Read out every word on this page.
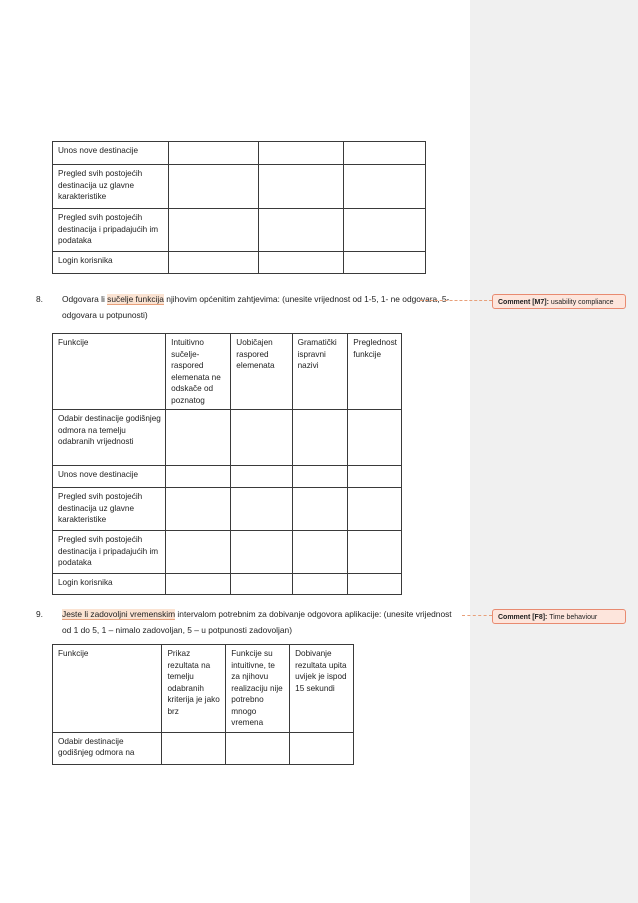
Unos nove destinacije			
Pregled svih postojećih destinacija uz glavne karakteristike			
Pregled svih postojećih destinacija i pripadajućih im podataka			
Login korisnika			
8.	Odgovara li sučelje funkcija njihovim općenitim zahtjevima: (unesite vrijednost od 1-5, 1- ne odgovara, 5- odgovara u potpunosti)
Funkcije	Intuitivno sučelje- raspored elemenata ne odskače od poznatog	Uobičajen raspored elemenata	Gramatički ispravni nazivi	Preglednost funkcije
Odabir destinacije godišnjeg odmora na temelju odabranih vrijednosti				
Unos nove destinacije				
Pregled svih postojećih destinacija uz glavne karakteristike				
Pregled svih postojećih destinacija i pripadajućih im podataka				
Login korisnika				
9.	Jeste li zadovoljni vremenskim intervalom potrebnim za dobivanje odgovora aplikacije: (unesite vrijednost od 1 do 5, 1 – nimalo zadovoljan, 5 – u potpunosti zadovoljan)
Funkcije	Prikaz rezultata na temelju odabranih kriterija je jako brz	Funkcije su intuitivne, te za njihovu realizaciju nije potrebno mnogo vremena	Dobivanje rezultata upita uvijek je ispod 15 sekundi
Odabir destinacije godišnjeg odmora na			
Comment [M7]: usability compliance
Comment [F8]: Time behaviour
